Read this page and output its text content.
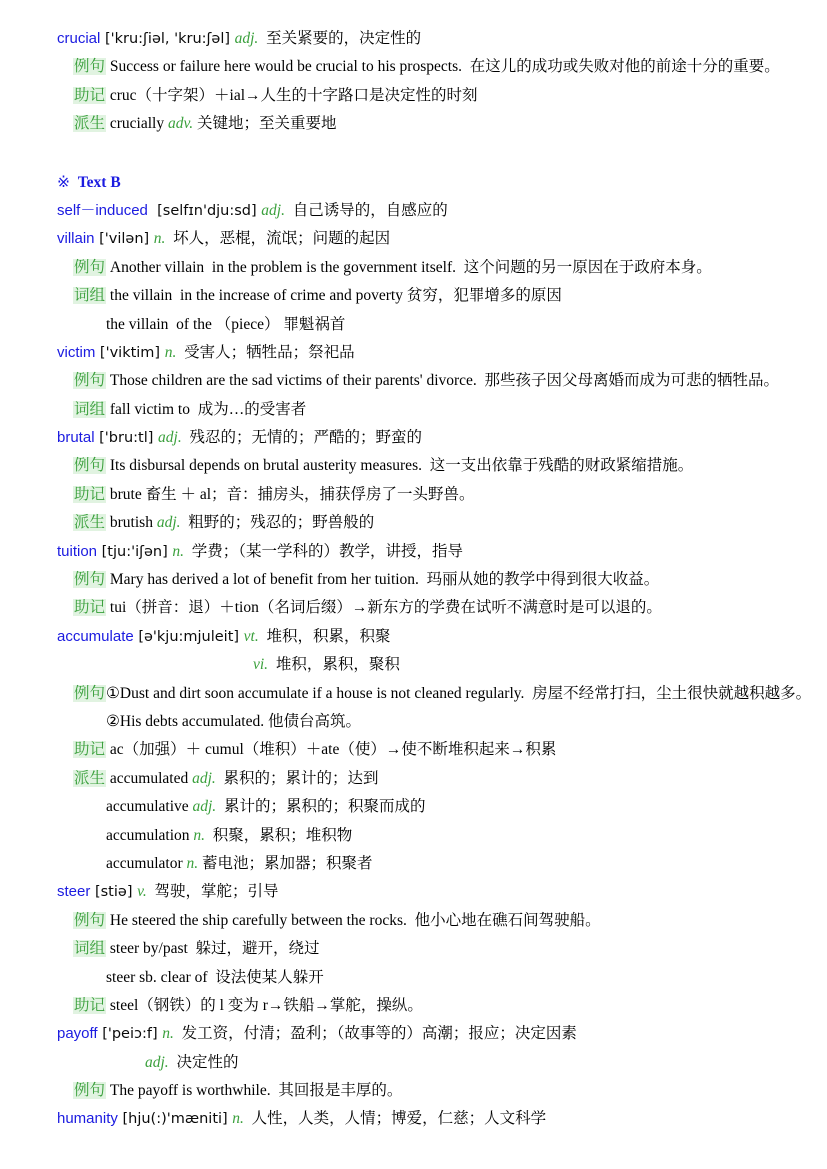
crucial ['kru:ʃiəl, 'kru:ʃəl] adj.  至关紧要的，决定性的
例句 Success or failure here would be crucial to his prospects.  在这儿的成功或失败对他的前途十分的重要。
助记 cruc（十字架）＋ial→人生的十字路口是决定性的时刻
派生 crucially adv. 关键地；至关重要地
※  Text B
self－induced  [selfɪn'dju:sd] adj.  自己诱导的，自感应的
villain ['vilən] n.  坏人，恶棍，流氓；问题的起因
例句 Another villain  in the problem is the government itself.  这个问题的另一原因在于政府本身。
词组 the villain  in the increase of crime and poverty 贫穷，犯罪增多的原因
the villain  of the （piece） 罪魁祸首
victim ['viktim] n.  受害人；牺牲品；祭祀品
例句 Those children are the sad victims of their parents' divorce.  那些孩子因父母离婚而成为可悲的牺牲品。
词组 fall victim to  成为…的受害者
brutal ['bru:tl] adj.  残忍的；无情的；严酷的；野蛮的
例句 Its disbursal depends on brutal austerity measures.  这一支出依靠于残酷的财政紧缩措施。
助记 brute 畜生 ＋ al；音：捕房头，捕获俘房了一头野兽。
派生 brutish adj.  粗野的；残忍的；野兽般的
tuition [tju:'iʃən] n.  学费；（某一学科的）教学，讲授，指导
例句 Mary has derived a lot of benefit from her tuition.  玛丽从她的教学中得到很大收益。
助记 tui（拼音：退）＋tion（名词后缀）→新东方的学费在试听不满意时是可以退的。
accumulate [ə'kju:mjuleit] vt.  堆积，积累，积聚
vi.  堆积，累积，聚积
例句①Dust and dirt soon accumulate if a house is not cleaned regularly.  房屋不经常打扫，尘土很快就越积越多。
②His debts accumulated. 他债台高筑。
助记 ac（加强）＋ cumul（堆积）＋ate（使）→使不断堆积起来→积累
派生 accumulated adj.  累积的；累计的；达到
accumulative adj.  累计的；累积的；积聚而成的
accumulation n.  积聚，累积；堆积物
accumulator n. 蓄电池；累加器；积聚者
steer [stiə] v.  驾驶，掌舵；引导
例句 He steered the ship carefully between the rocks.  他小心地在礁石间驾驶船。
词组 steer by/past  躲过，避开，绕过
steer sb. clear of  设法使某人躲开
助记 steel（钢铁）的 l 变为 r→铁船→掌舵，操纵。
payoff ['peiɔ:f] n.  发工资，付清；盈利；（故事等的）高潮；报应；决定因素
adj.  决定性的
例句 The payoff is worthwhile.  其回报是丰厚的。
humanity [hju(:)'mæniti] n.  人性，人类，人情；博爱，仁慈；人文科学
